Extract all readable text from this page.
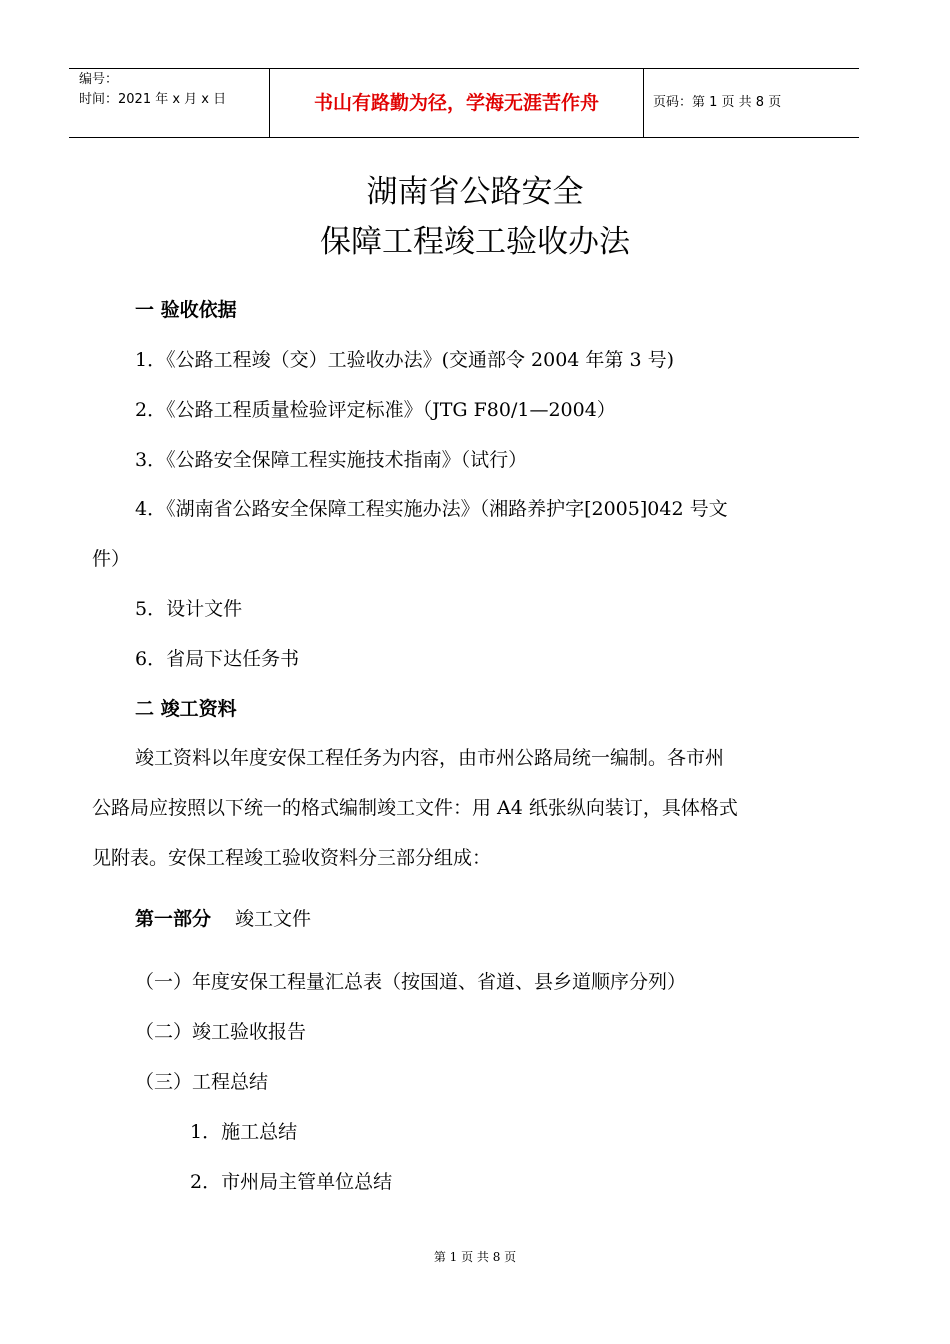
编号：
时间：2021 年 x 月 x 日	书山有路勤为径，学海无涯苦作舟	页码：第 1 页 共 8 页
湖南省公路安全
保障工程竣工验收办法
一 验收依据
1．《公路工程竣（交）工验收办法》(交通部令 2004 年第 3 号)
2．《公路工程质量检验评定标准》（JTG F80/1—2004）
3．《公路安全保障工程实施技术指南》（试行）
4．《湖南省公路安全保障工程实施办法》（湘路养护字[2005]042 号文
件）
5．设计文件
6．省局下达任务书
二 竣工资料
竣工资料以年度安保工程任务为内容，由市州公路局统一编制。各市州
公路局应按照以下统一的格式编制竣工文件：用 A4 纸张纵向装订，具体格式
见附表。安保工程竣工验收资料分三部分组成：
第一部分 竣工文件
（一）年度安保工程量汇总表（按国道、省道、县乡道顺序分列）
（二）竣工验收报告
（三）工程总结
1．施工总结
2．市州局主管单位总结
第 1 页 共 8 页
